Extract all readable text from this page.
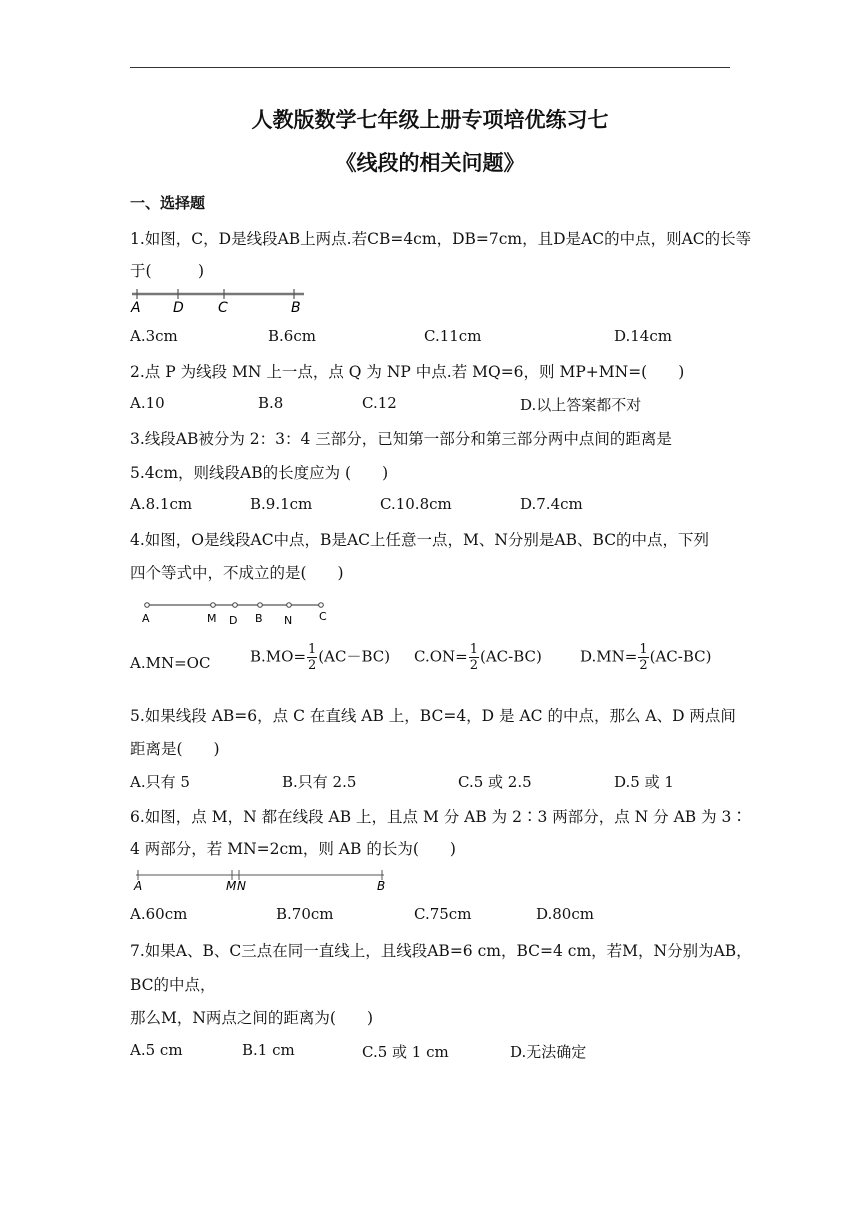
人教版数学七年级上册专项培优练习七
《线段的相关问题》
一、选择题
1.如图，C，D是线段AB上两点.若CB=4cm，DB=7cm，且D是AC的中点，则AC的长等
于(　　　)
A D C	B
A.3cm	B.6cm	C.11cm	D.14cm
2.点 P 为线段 MN 上一点，点 Q 为 NP 中点.若 MQ=6，则 MP+MN=(　　)
A.10	B.8	C.12	D.以上答案都不对
3.线段AB被分为 2：3：4 三部分，已知第一部分和第三部分两中点间的距离是
5.4cm，则线段AB的长度应为 (　　)
A.8.1cm	B.9.1cm	C.10.8cm	D.7.4cm
4.如图，O是线段AC中点，B是AC上任意一点，M、N分别是AB、BC的中点，下列
四个等式中，不成立的是(　　)
A	M D B N C
A.MN=OC	$B.MO= \frac{1}{2} (AC-BC)$ $C.ON= \frac{1}{2} (AC-BC)$	$D.MN= \frac{1}{2} (AC-BC)$
5.如果线段 AB=6，点 C 在直线 AB 上，BC=4，D 是 AC 的中点，那么 A、D 两点间
距离是(　　)
A.只有 5	B.只有 2.5	C.5 或 2.5	D.5 或 1
6.如图，点 M，N 都在线段 AB 上，且点 M 分 AB 为 2∶3 两部分，点 N 分 AB 为 3∶
4 两部分，若 MN=2cm，则 AB 的长为(　　)
A	M N	B
A.60cm	B.70cm	C.75cm	D.80cm
7.如果A、B、C三点在同一直线上，且线段AB=6 cm，BC=4 cm，若M，N分别为AB，
BC的中点，
那么M，N两点之间的距离为(　　)
A.5 cm	B.1 cm	C.5 或 1 cm	D.无法确定
